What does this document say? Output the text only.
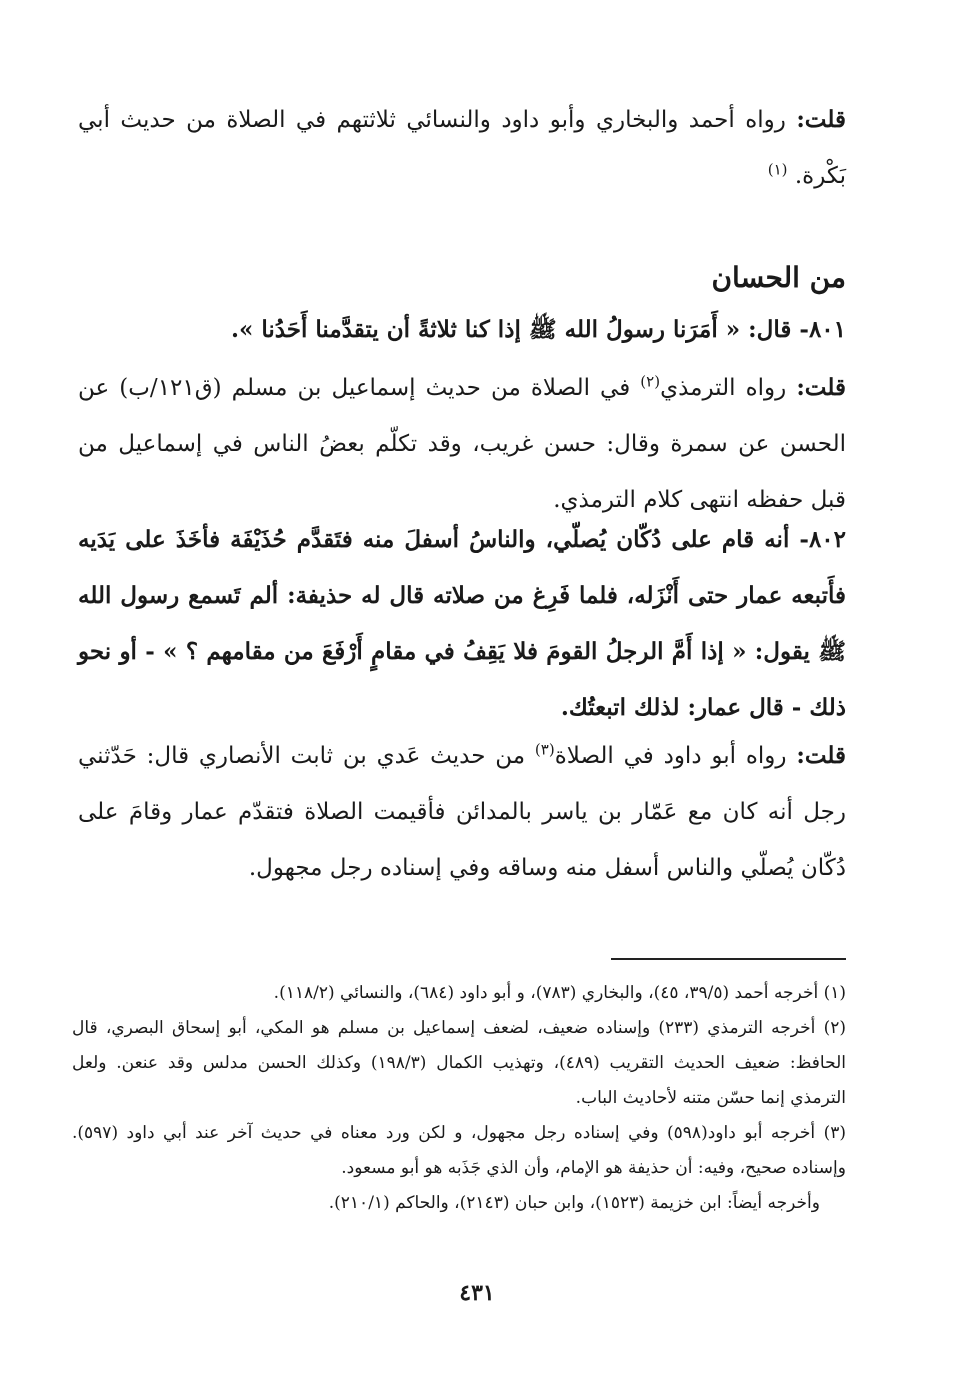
قلت: رواه أحمد والبخاري وأبو داود والنسائي ثلاثتهم في الصلاة من حديث أبي بَكْرة. $^{(١)}$
من الحسان
٨٠١- قال: « أَمَرَنا رسولُ الله ﷺ إذا كنا ثلاثةً أن يتقدَّمنا أَحَدُنا ».
قلت: رواه الترمذي$^{(٢)}$ في الصلاة من حديث إسماعيل بن مسلم (ق١٢١/ب) عن الحسن عن سمرة وقال: حسن غريب، وقد تكلّم بعضُ الناس في إسماعيل من قبل حفظه انتهى كلام الترمذي.
٨٠٢- أنه قام على دُكّان يُصلّي، والناسُ أسفلَ منه فتَقدَّم حُذَيْفَة فأخَذَ على يَدَيه فأَتبعه عمار حتى أَنْزَله، فلما فَرِغ من صلاته قال له حذيفة: ألم تَسمع رسول الله ﷺ يقول: « إذا أَمَّ الرجلُ القومَ فلا يَقِفُ في مقامٍ أَرْفَعَ من مقامهم ؟ » - أو نحو ذلك - قال عمار: لذلك اتبعتُك.
قلت: رواه أبو داود في الصلاة$^{(٣)}$ من حديث عَدي بن ثابت الأنصاري قال: حَدّثني رجل أنه كان مع عَمّار بن ياسر بالمدائن فأقيمت الصلاة فتقدّم عمار وقامَ على دُكّان يُصلّي والناس أسفل منه وساقه وفي إسناده رجل مجهول.

(١) أخرجه أحمد (٣٩/٥، ٤٥)، والبخاري (٧٨٣)، و أبو داود (٦٨٤)، والنسائي (١١٨/٢).

(٢) أخرجه الترمذي (٢٣٣) وإسناده ضعيف، لضعف إسماعيل بن مسلم هو المكي، أبو إسحاق البصري، قال الحافظ: ضعيف الحديث التقريب (٤٨٩)، وتهذيب الكمال (١٩٨/٣) وكذلك الحسن مدلس وقد عنعن. ولعل الترمذي إنما حسّن متنه لأحاديث الباب.

(٣) أخرجه أبو داود(٥٩٨) وفي إسناده رجل مجهول، و لكن ورد معناه في حديث آخر عند أبي داود (٥٩٧). وإسناده صحيح، وفيه: أن حذيفة هو الإمام، وأن الذي جَذَبه هو أبو مسعود.

وأخرجه أيضاً: ابن خزيمة (١٥٢٣)، وابن حبان (٢١٤٣)، والحاكم (٢١٠/١).

٤٣١
